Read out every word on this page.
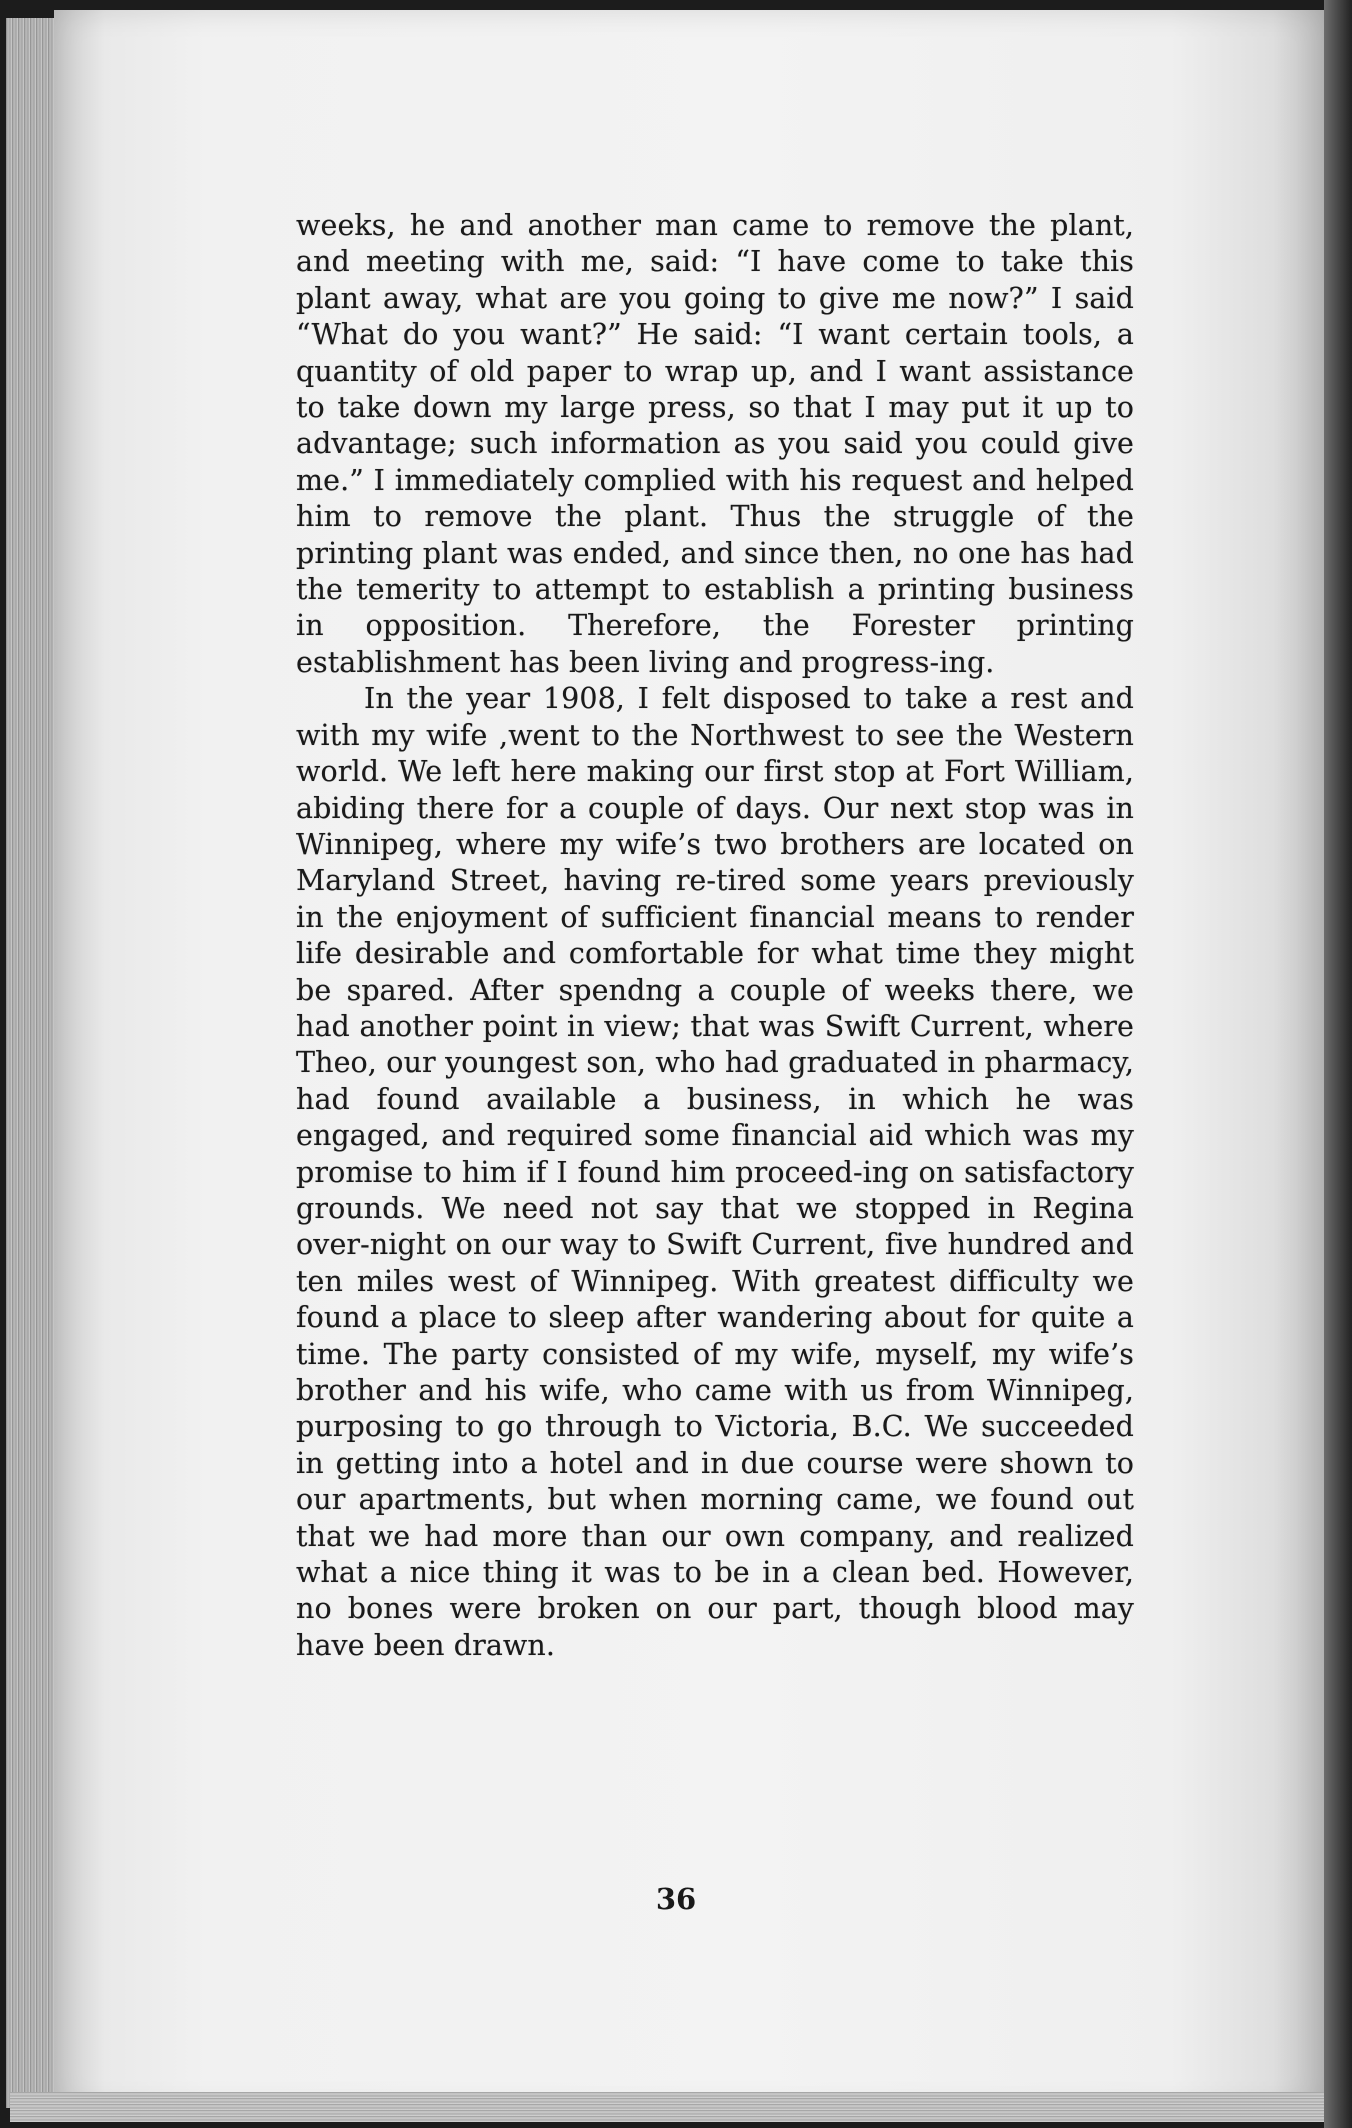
weeks, he and another man came to remove the plant, and meeting with me, said: “I have come to take this plant away, what are you going to give me now?” I said “What do you want?” He said: “I want certain tools, a quantity of old paper to wrap up, and I want assistance to take down my large press, so that I may put it up to advantage; such information as you said you could give me.” I immediately complied with his request and helped him to remove the plant. Thus the struggle of the printing plant was ended, and since then, no one has had the temerity to attempt to establish a printing business in opposition. Therefore, the Forester printing establishment has been living and progress-ing.

In the year 1908, I felt disposed to take a rest and with my wife ,went to the Northwest to see the Western world. We left here making our first stop at Fort William, abiding there for a couple of days. Our next stop was in Winnipeg, where my wife’s two brothers are located on Maryland Street, having re-tired some years previously in the enjoyment of sufficient financial means to render life desirable and comfortable for what time they might be spared. After spendng a couple of weeks there, we had another point in view; that was Swift Current, where Theo, our youngest son, who had graduated in pharmacy, had found available a business, in which he was engaged, and required some financial aid which was my promise to him if I found him proceed-ing on satisfactory grounds. We need not say that we stopped in Regina over-night on our way to Swift Current, five hundred and ten miles west of Winnipeg. With greatest difficulty we found a place to sleep after wandering about for quite a time. The party consisted of my wife, myself, my wife’s brother and his wife, who came with us from Winnipeg, purposing to go through to Victoria, B.C. We succeeded in getting into a hotel and in due course were shown to our apartments, but when morning came, we found out that we had more than our own company, and realized what a nice thing it was to be in a clean bed. However, no bones were broken on our part, though blood may have been drawn.

36
